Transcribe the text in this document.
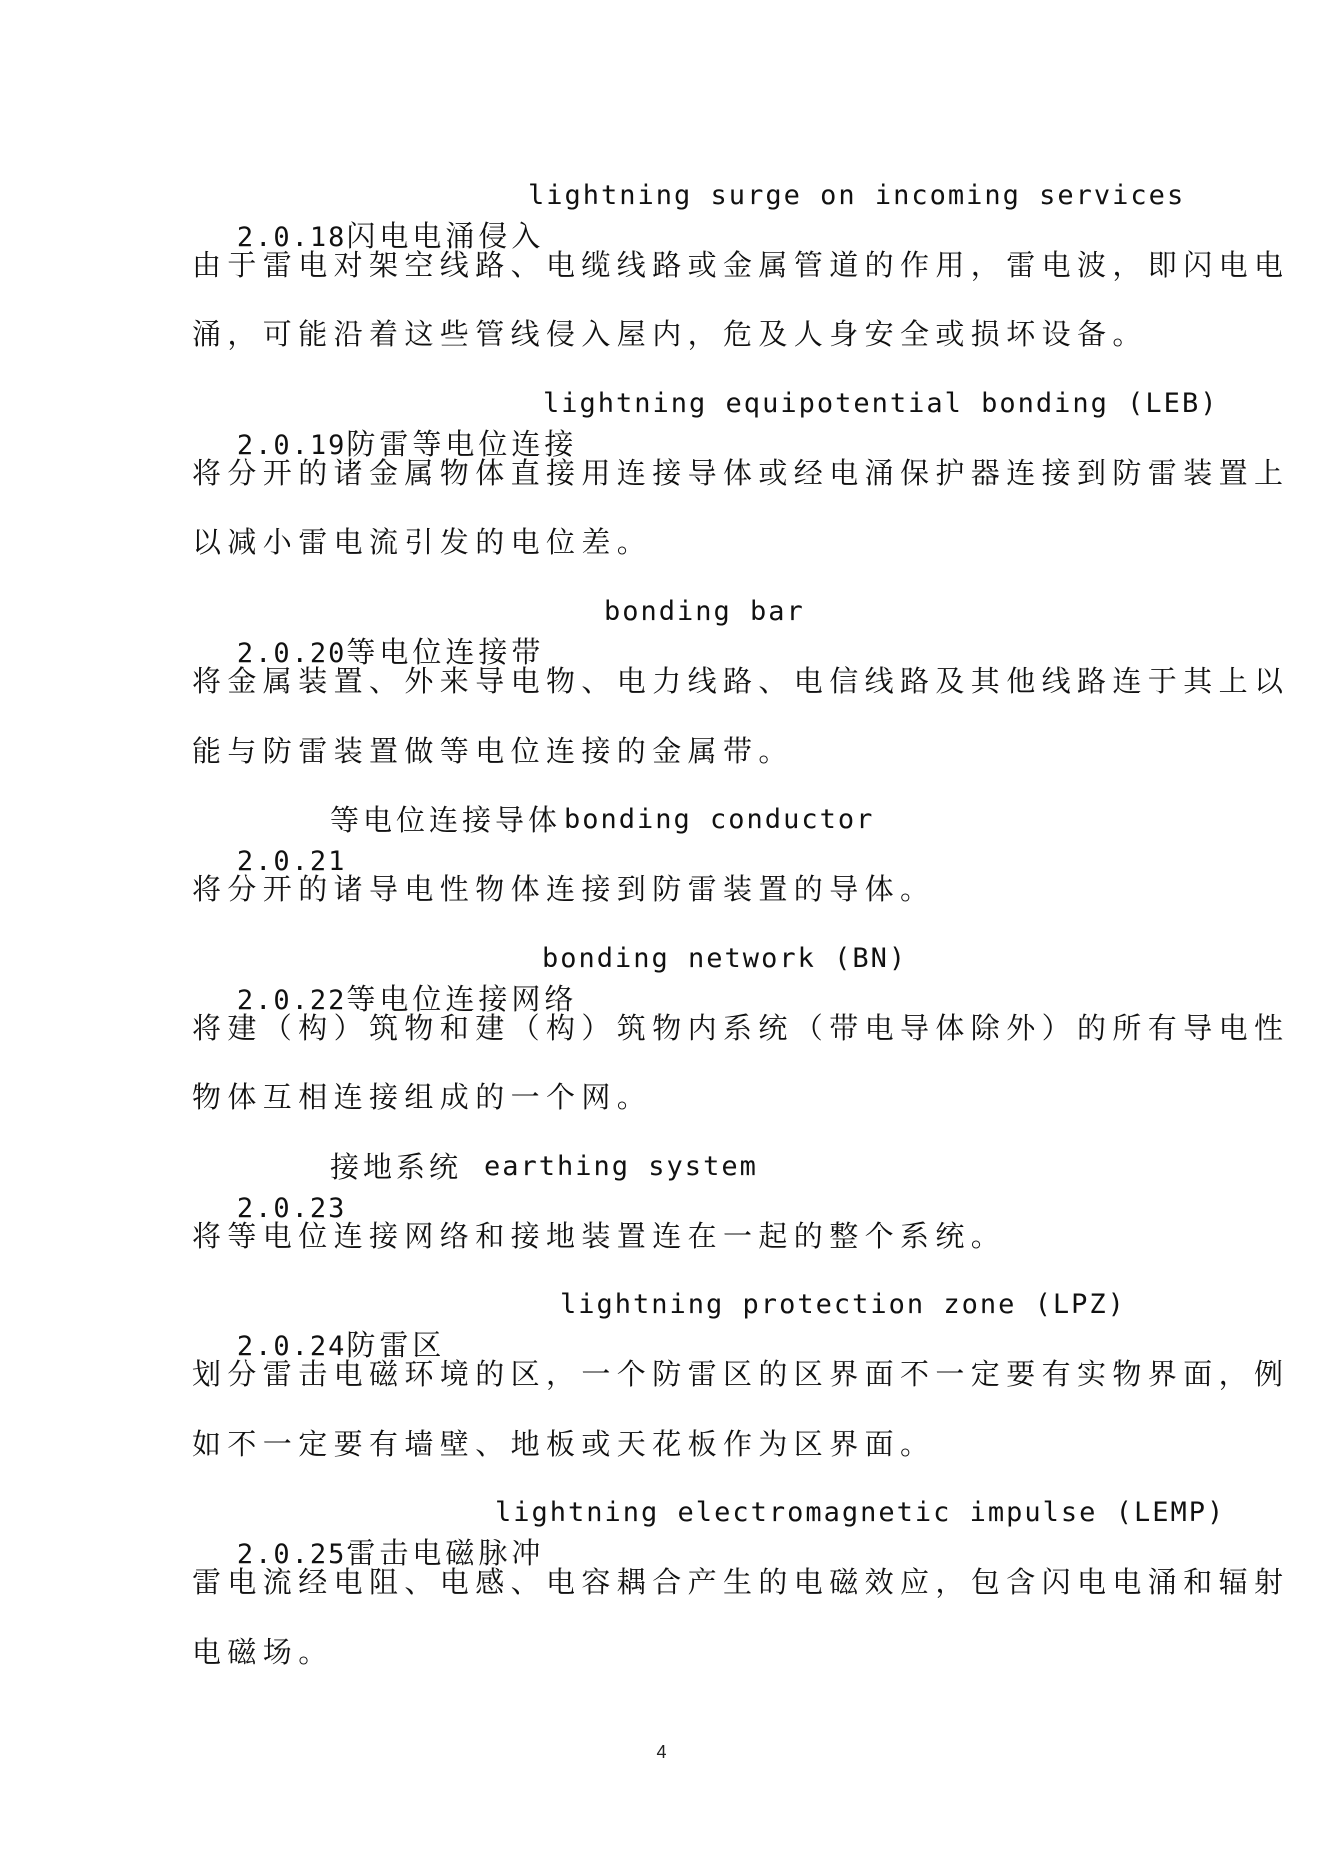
2.0.18闪电电涌侵入
lightning surge on incoming services

由于雷电对架空线路、电缆线路或金属管道的作用，雷电波，即闪电电

涌，可能沿着这些管线侵入屋内，危及人身安全或损坏设备。

2.0.19防雷等电位连接
lightning equipotential bonding (LEB)

将分开的诸金属物体直接用连接导体或经电涌保护器连接到防雷装置上

以减小雷电流引发的电位差。

2.0.20等电位连接带
bonding bar

将金属装置、外来导电物、电力线路、电信线路及其他线路连于其上以

能与防雷装置做等电位连接的金属带。

2.0.21
等电位连接导体 bonding conductor

将分开的诸导电性物体连接到防雷装置的导体。

2.0.22等电位连接网络
bonding network (BN)

将建（构）筑物和建（构）筑物内系统（带电导体除外）的所有导电性

物体互相连接组成的一个网。

2.0.23
接地系统 earthing system

将等电位连接网络和接地装置连在一起的整个系统。

2.0.24防雷区
lightning protection zone (LPZ)

划分雷击电磁环境的区，一个防雷区的区界面不一定要有实物界面，例

如不一定要有墙壁、地板或天花板作为区界面。

2.0.25雷击电磁脉冲
lightning electromagnetic impulse (LEMP)

雷电流经电阻、电感、电容耦合产生的电磁效应，包含闪电电涌和辐射

电磁场。

4
